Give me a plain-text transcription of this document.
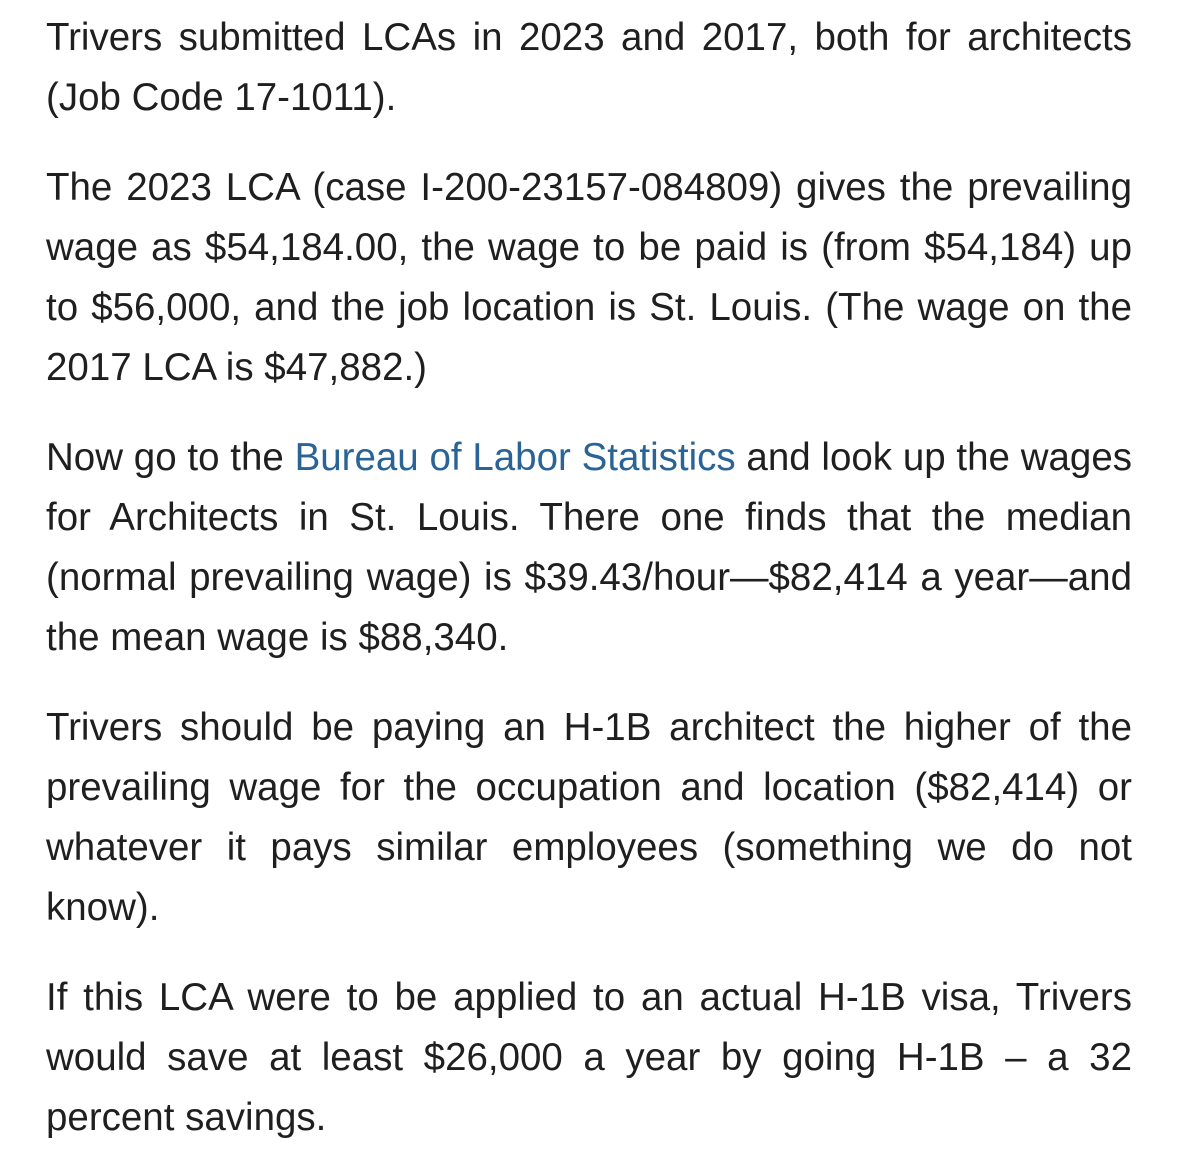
Trivers submitted LCAs in 2023 and 2017, both for architects (Job Code 17-1011).

The 2023 LCA (case I-200-23157-084809) gives the prevailing wage as $54,184.00, the wage to be paid is (from $54,184) up to $56,000, and the job location is St. Louis. (The wage on the 2017 LCA is $47,882.)

Now go to the Bureau of Labor Statistics and look up the wages for Architects in St. Louis. There one finds that the median (normal prevailing wage) is $39.43/hour—$82,414 a year—and the mean wage is $88,340.

Trivers should be paying an H-1B architect the higher of the prevailing wage for the occupation and location ($82,414) or whatever it pays similar employees (something we do not know).

If this LCA were to be applied to an actual H-1B visa, Trivers would save at least $26,000 a year by going H-1B – a 32 percent savings.
